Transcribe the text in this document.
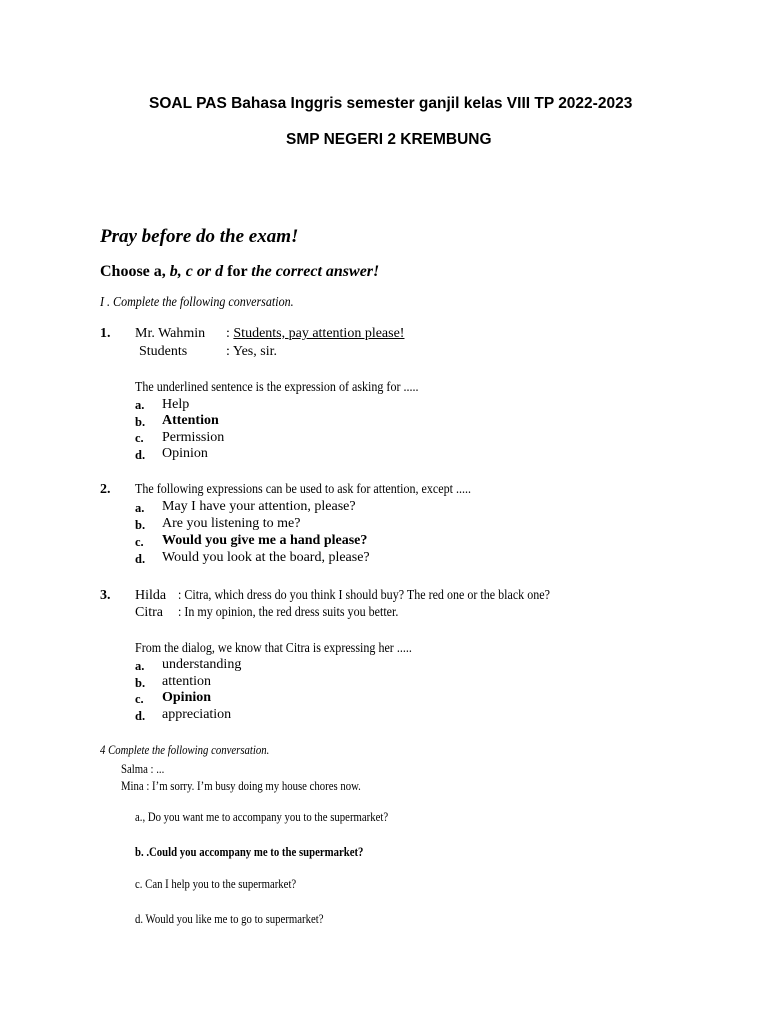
SOAL PAS Bahasa Inggris semester ganjil kelas VIII TP 2022-2023
SMP NEGERI 2 KREMBUNG
Pray before do the exam!
Choose a, b, c or d for the correct answer!
I . Complete the following conversation.
1. Mr. Wahmin : Students, pay attention please!
Students	: Yes, sir.
The underlined sentence is the expression of asking for .....
a. Help
b. Attention
c. Permission
d. Opinion
2. The following expressions can be used to ask for attention, except .....
a. May I have your attention, please?
b. Are you listening to me?
c. Would you give me a hand please?
d. Would you look at the board, please?
3. Hilda : Citra, which dress do you think I should buy? The red one or the black one?
Citra : In my opinion, the red dress suits you better.
From the dialog, we know that Citra is expressing her .....
a. understanding
b. attention
c. Opinion
d. appreciation
4 Complete the following conversation.
Salma : ...
Mina : I’m sorry. I’m busy doing my house chores now.
a., Do you want me to accompany you to the supermarket?
b. .Could you accompany me to the supermarket?
c. Can I help you to the supermarket?
d. Would you like me to go to supermarket?
